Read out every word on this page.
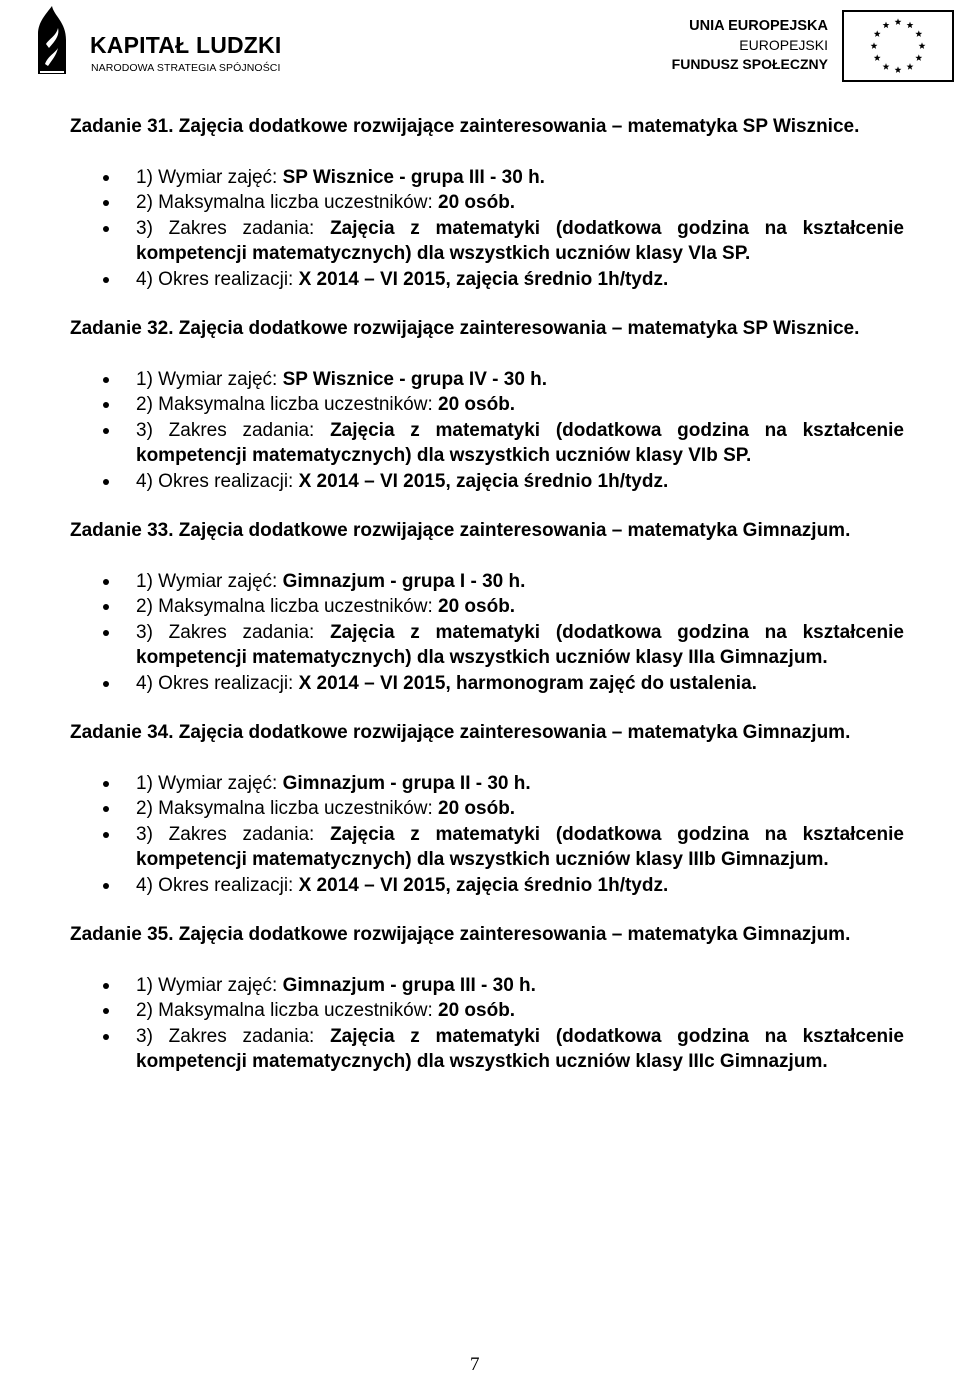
KAPITAŁ LUDZKI
NARODOWA STRATEGIA SPÓJNOŚCI
UNIA EUROPEJSKA
EUROPEJSKI
FUNDUSZ SPOŁECZNY
Zadanie 31. Zajęcia dodatkowe rozwijające zainteresowania – matematyka SP Wisznice.
1) Wymiar zajęć: SP Wisznice - grupa III - 30 h.
2) Maksymalna liczba uczestników: 20 osób.
3) Zakres zadania: Zajęcia z matematyki (dodatkowa godzina na kształcenie kompetencji matematycznych) dla wszystkich uczniów klasy VIa SP.
4) Okres realizacji: X 2014 – VI 2015, zajęcia średnio 1h/tydz.
Zadanie 32. Zajęcia dodatkowe rozwijające zainteresowania – matematyka SP Wisznice.
1) Wymiar zajęć: SP Wisznice - grupa IV - 30 h.
2) Maksymalna liczba uczestników: 20 osób.
3) Zakres zadania: Zajęcia z matematyki (dodatkowa godzina na kształcenie kompetencji matematycznych) dla wszystkich uczniów klasy VIb SP.
4) Okres realizacji: X 2014 – VI 2015, zajęcia średnio 1h/tydz.
Zadanie 33. Zajęcia dodatkowe rozwijające zainteresowania – matematyka Gimnazjum.
1) Wymiar zajęć: Gimnazjum - grupa I - 30 h.
2) Maksymalna liczba uczestników: 20 osób.
3) Zakres zadania: Zajęcia z matematyki (dodatkowa godzina na kształcenie kompetencji matematycznych) dla wszystkich uczniów klasy IIIa Gimnazjum.
4) Okres realizacji: X 2014 – VI 2015, harmonogram zajęć do ustalenia.
Zadanie 34. Zajęcia dodatkowe rozwijające zainteresowania – matematyka Gimnazjum.
1) Wymiar zajęć: Gimnazjum - grupa II - 30 h.
2) Maksymalna liczba uczestników: 20 osób.
3) Zakres zadania: Zajęcia z matematyki (dodatkowa godzina na kształcenie kompetencji matematycznych) dla wszystkich uczniów klasy IIIb Gimnazjum.
4) Okres realizacji: X 2014 – VI 2015, zajęcia średnio 1h/tydz.
Zadanie 35. Zajęcia dodatkowe rozwijające zainteresowania – matematyka Gimnazjum.
1) Wymiar zajęć: Gimnazjum - grupa III - 30 h.
2) Maksymalna liczba uczestników: 20 osób.
3) Zakres zadania: Zajęcia z matematyki (dodatkowa godzina na kształcenie kompetencji matematycznych) dla wszystkich uczniów klasy IIIc Gimnazjum.
7
